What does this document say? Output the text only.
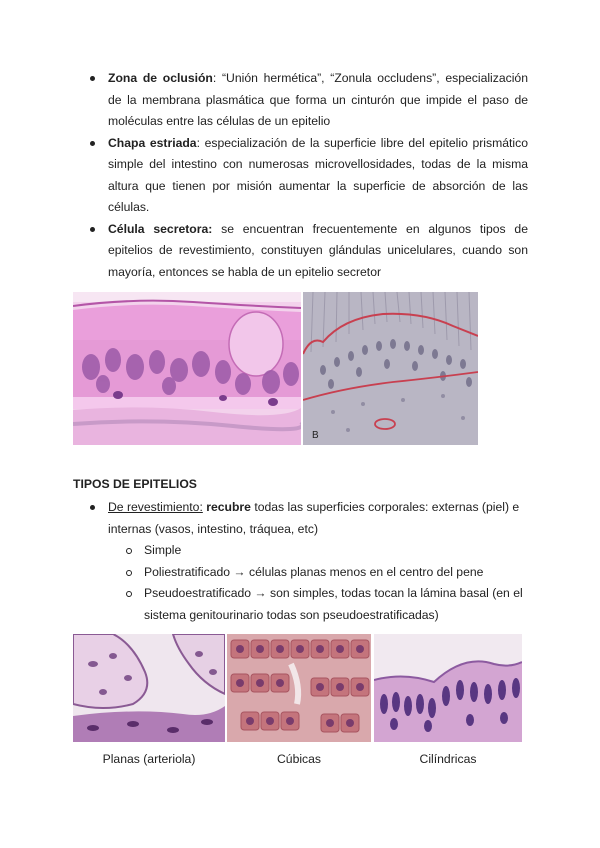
Zona de oclusión: “Unión hermética”, “Zonula occludens”, especialización de la membrana plasmática que forma un cinturón que impide el paso de moléculas entre las células de un epitelio
Chapa estriada: especialización de la superficie libre del epitelio prismático simple del intestino con numerosas microvellosidades, todas de la misma altura que tienen por misión aumentar la superficie de absorción de las células.
Célula secretora: se encuentran frecuentemente en algunos tipos de epitelios de revestimiento, constituyen glándulas unicelulares, cuando son mayoría, entonces se habla de un epitelio secretor
B
TIPOS DE EPITELIOS
De revestimiento: recubre todas las superficies corporales: externas (piel) e internas (vasos, intestino, tráquea, etc)
Simple
Poliestratificado → células planas menos en el centro del pene
Pseudoestratificado → son simples, todas tocan la lámina basal (en el sistema genitourinario todas son pseudoestratificadas)
Planas (arteriola)	Cúbicas	Cilíndricas
